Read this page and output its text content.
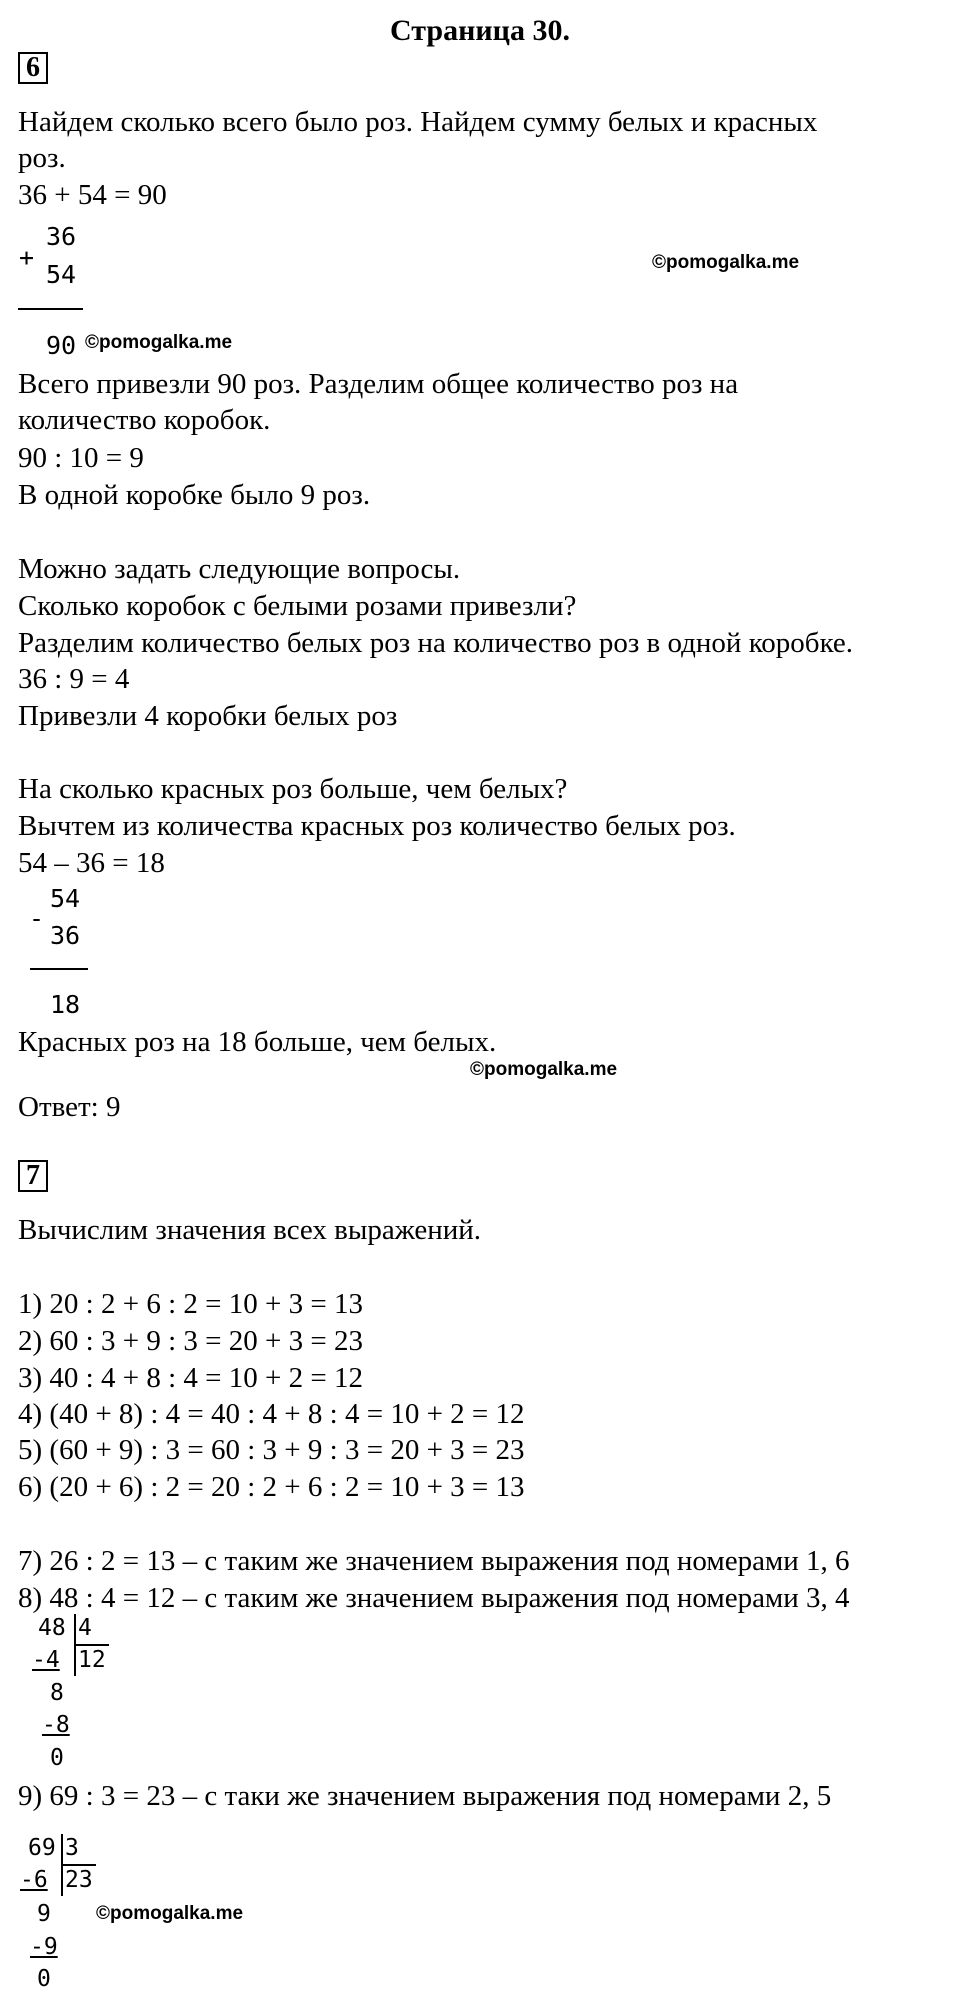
Страница 30.
6
Найдем сколько всего было роз. Найдем сумму белых и красных
роз.
36 + 54 = 90
+
36
54
90 ©pomogalka.me
©pomogalka.me
Всего привезли 90 роз. Разделим общее количество роз на
количество коробок.
90 : 10 = 9
В одной коробке было 9 роз.
Можно задать следующие вопросы.
Сколько коробок с белыми розами привезли?
Разделим количество белых роз на количество роз в одной коробке.
36 : 9 = 4
Привезли 4 коробки белых роз
На сколько красных роз больше, чем белых?
Вычтем из количества красных роз количество белых роз.
54 – 36 = 18
-
54
36
18
Красных роз на 18 больше, чем белых.
©pomogalka.me
Ответ: 9
7
Вычислим значения всех выражений.
1) 20 : 2 + 6 : 2 = 10 + 3 = 13
2) 60 : 3 + 9 : 3 = 20 + 3 = 23
3) 40 : 4 + 8 : 4 = 10 + 2 = 12
4) (40 + 8) : 4 = 40 : 4 + 8 : 4 = 10 + 2 = 12
5) (60 + 9) : 3 = 60 : 3 + 9 : 3 = 20 + 3 = 23
6) (20 + 6) : 2 = 20 : 2 + 6 : 2 = 10 + 3 = 13
7) 26 : 2 = 13 – с таким же значением выражения под номерами 1, 6
8) 48 : 4 = 12 – с таким же значением выражения под номерами 3, 4
48 4
-4 12
8
-8
0
9) 69 : 3 = 23 – с таки же значением выражения под номерами 2, 5
69 3
-6 23
©pomogalka.me
9
-9
0
